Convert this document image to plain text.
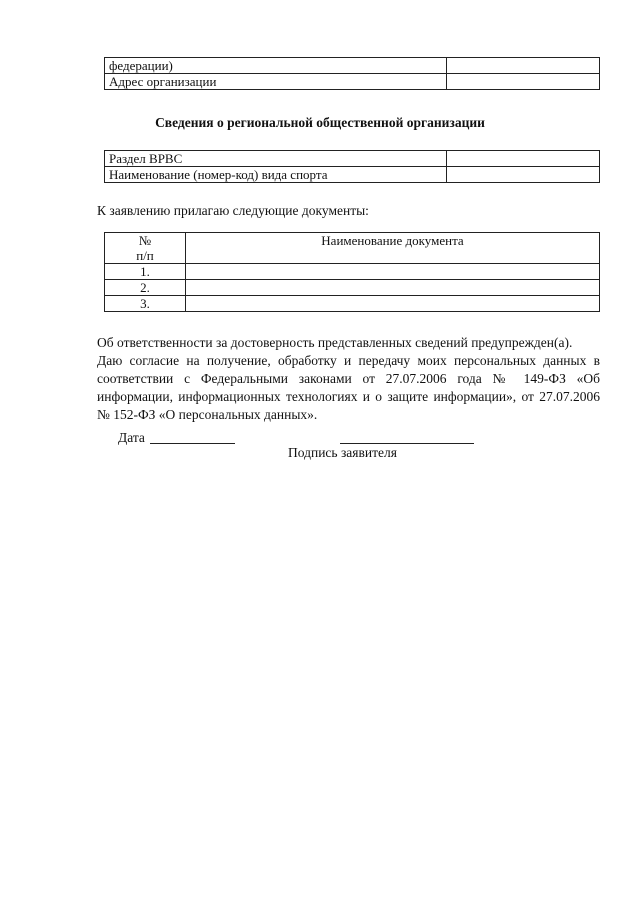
федерации)	
Адрес организации	
Сведения о региональной общественной организации
Раздел ВРВС	
Наименование (номер-код) вида спорта	
К заявлению прилагаю следующие документы:
№
п/п	Наименование документа
1.	
2.	
3.	

Об ответственности за достоверность представленных сведений предупрежден(а).

Даю согласие на получение, обработку и передачу моих персональных данных в соответствии с Федеральными законами от 27.07.2006 года № 149-ФЗ «Об информации, информационных технологиях и о защите информации», от 27.07.2006 № 152-ФЗ «О персональных данных».

Дата
Подпись заявителя
